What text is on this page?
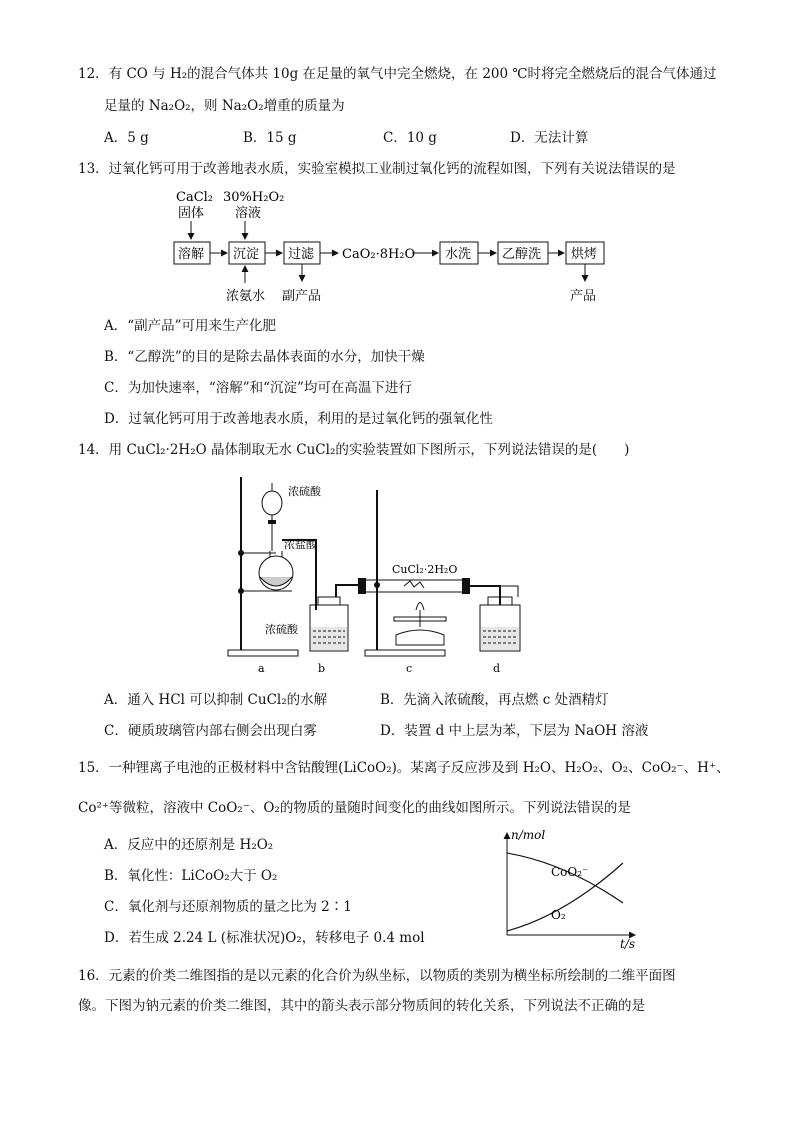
12．有 CO 与 H₂的混合气体共 10g 在足量的氧气中完全燃烧，在 200 ℃时将完全燃烧后的混合气体通过
足量的 Na₂O₂，则 Na₂O₂增重的质量为
A．5 g	B．15 g	C．10 g	D．无法计算
13．过氧化钙可用于改善地表水质，实验室模拟工业制过氧化钙的流程如图，下列有关说法错误的是
CaCl₂
固体
30%H₂O₂
溶液
溶解 沉淀 过滤 CaO₂·8H₂O 水洗 乙醇洗 烘烤
浓氨水 副产品	产品
A．“副产品”可用来生产化肥
B．“乙醇洗”的目的是除去晶体表面的水分，加快干燥
C．为加快速率，“溶解”和“沉淀”均可在高温下进行
D．过氧化钙可用于改善地表水质，利用的是过氧化钙的强氧化性
14．用 CuCl₂·2H₂O 晶体制取无水 CuCl₂的实验装置如下图所示，下列说法错误的是(　　)
浓硫酸
浓盐酸
浓硫酸
CuCl₂·2H₂O
a	b	c	d
A．通入 HCl 可以抑制 CuCl₂的水解	B．先滴入浓硫酸，再点燃 c 处酒精灯
C．硬质玻璃管内部右侧会出现白雾	D．装置 d 中上层为苯，下层为 NaOH 溶液
15．一种锂离子电池的正极材料中含钴酸锂(LiCoO₂)。某离子反应涉及到 H₂O、H₂O₂、O₂、CoO₂⁻、H⁺、
Co²⁺等微粒，溶液中 CoO₂⁻、O₂的物质的量随时间变化的曲线如图所示。下列说法错误的是
A．反应中的还原剂是 H₂O₂
B．氧化性：LiCoO₂大于 O₂
C．氧化剂与还原剂物质的量之比为 2∶1
D．若生成 2.24 L (标准状况)O₂，转移电子 0.4 mol
n/mol
t/s
CoO₂⁻
O₂
16．元素的价类二维图指的是以元素的化合价为纵坐标，以物质的类别为横坐标所绘制的二维平面图
像。下图为钠元素的价类二维图，其中的箭头表示部分物质间的转化关系，下列说法不正确的是
